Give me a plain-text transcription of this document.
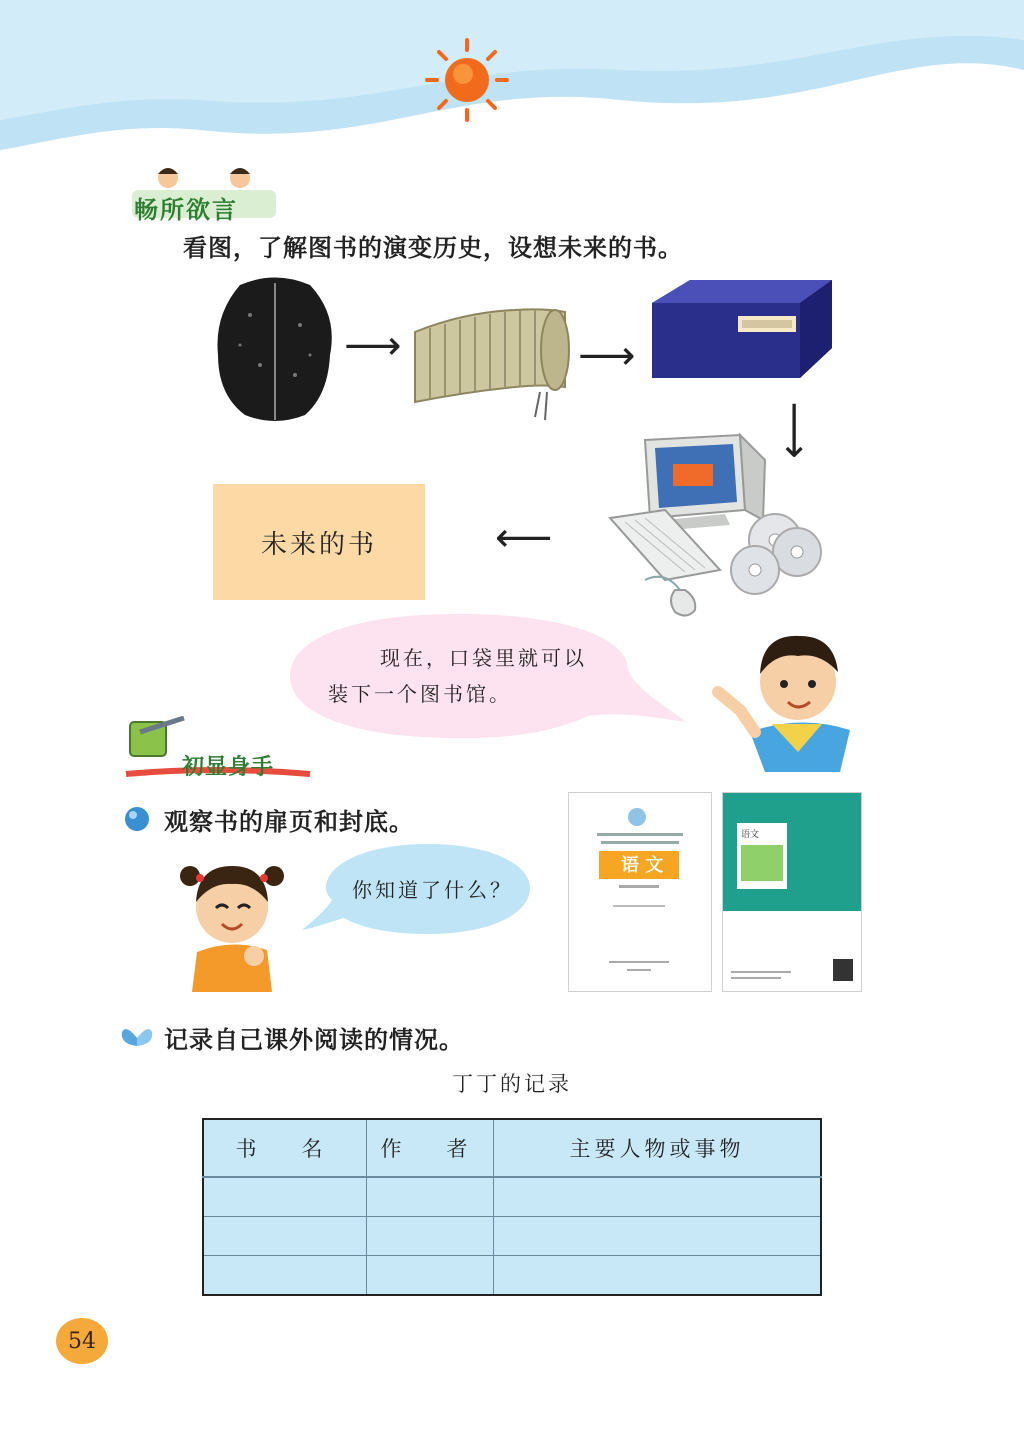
畅所欲言
看图，了解图书的演变历史，设想未来的书。
⟶	⟶
⟶
⟵
未来的书
现在，口袋里就可以
装下一个图书馆。
初显身手
观察书的扉页和封底。
语 文
语文
你知道了什么？
记录自己课外阅读的情况。
丁丁的记录
书　名	作　者	主要人物或事物

54
